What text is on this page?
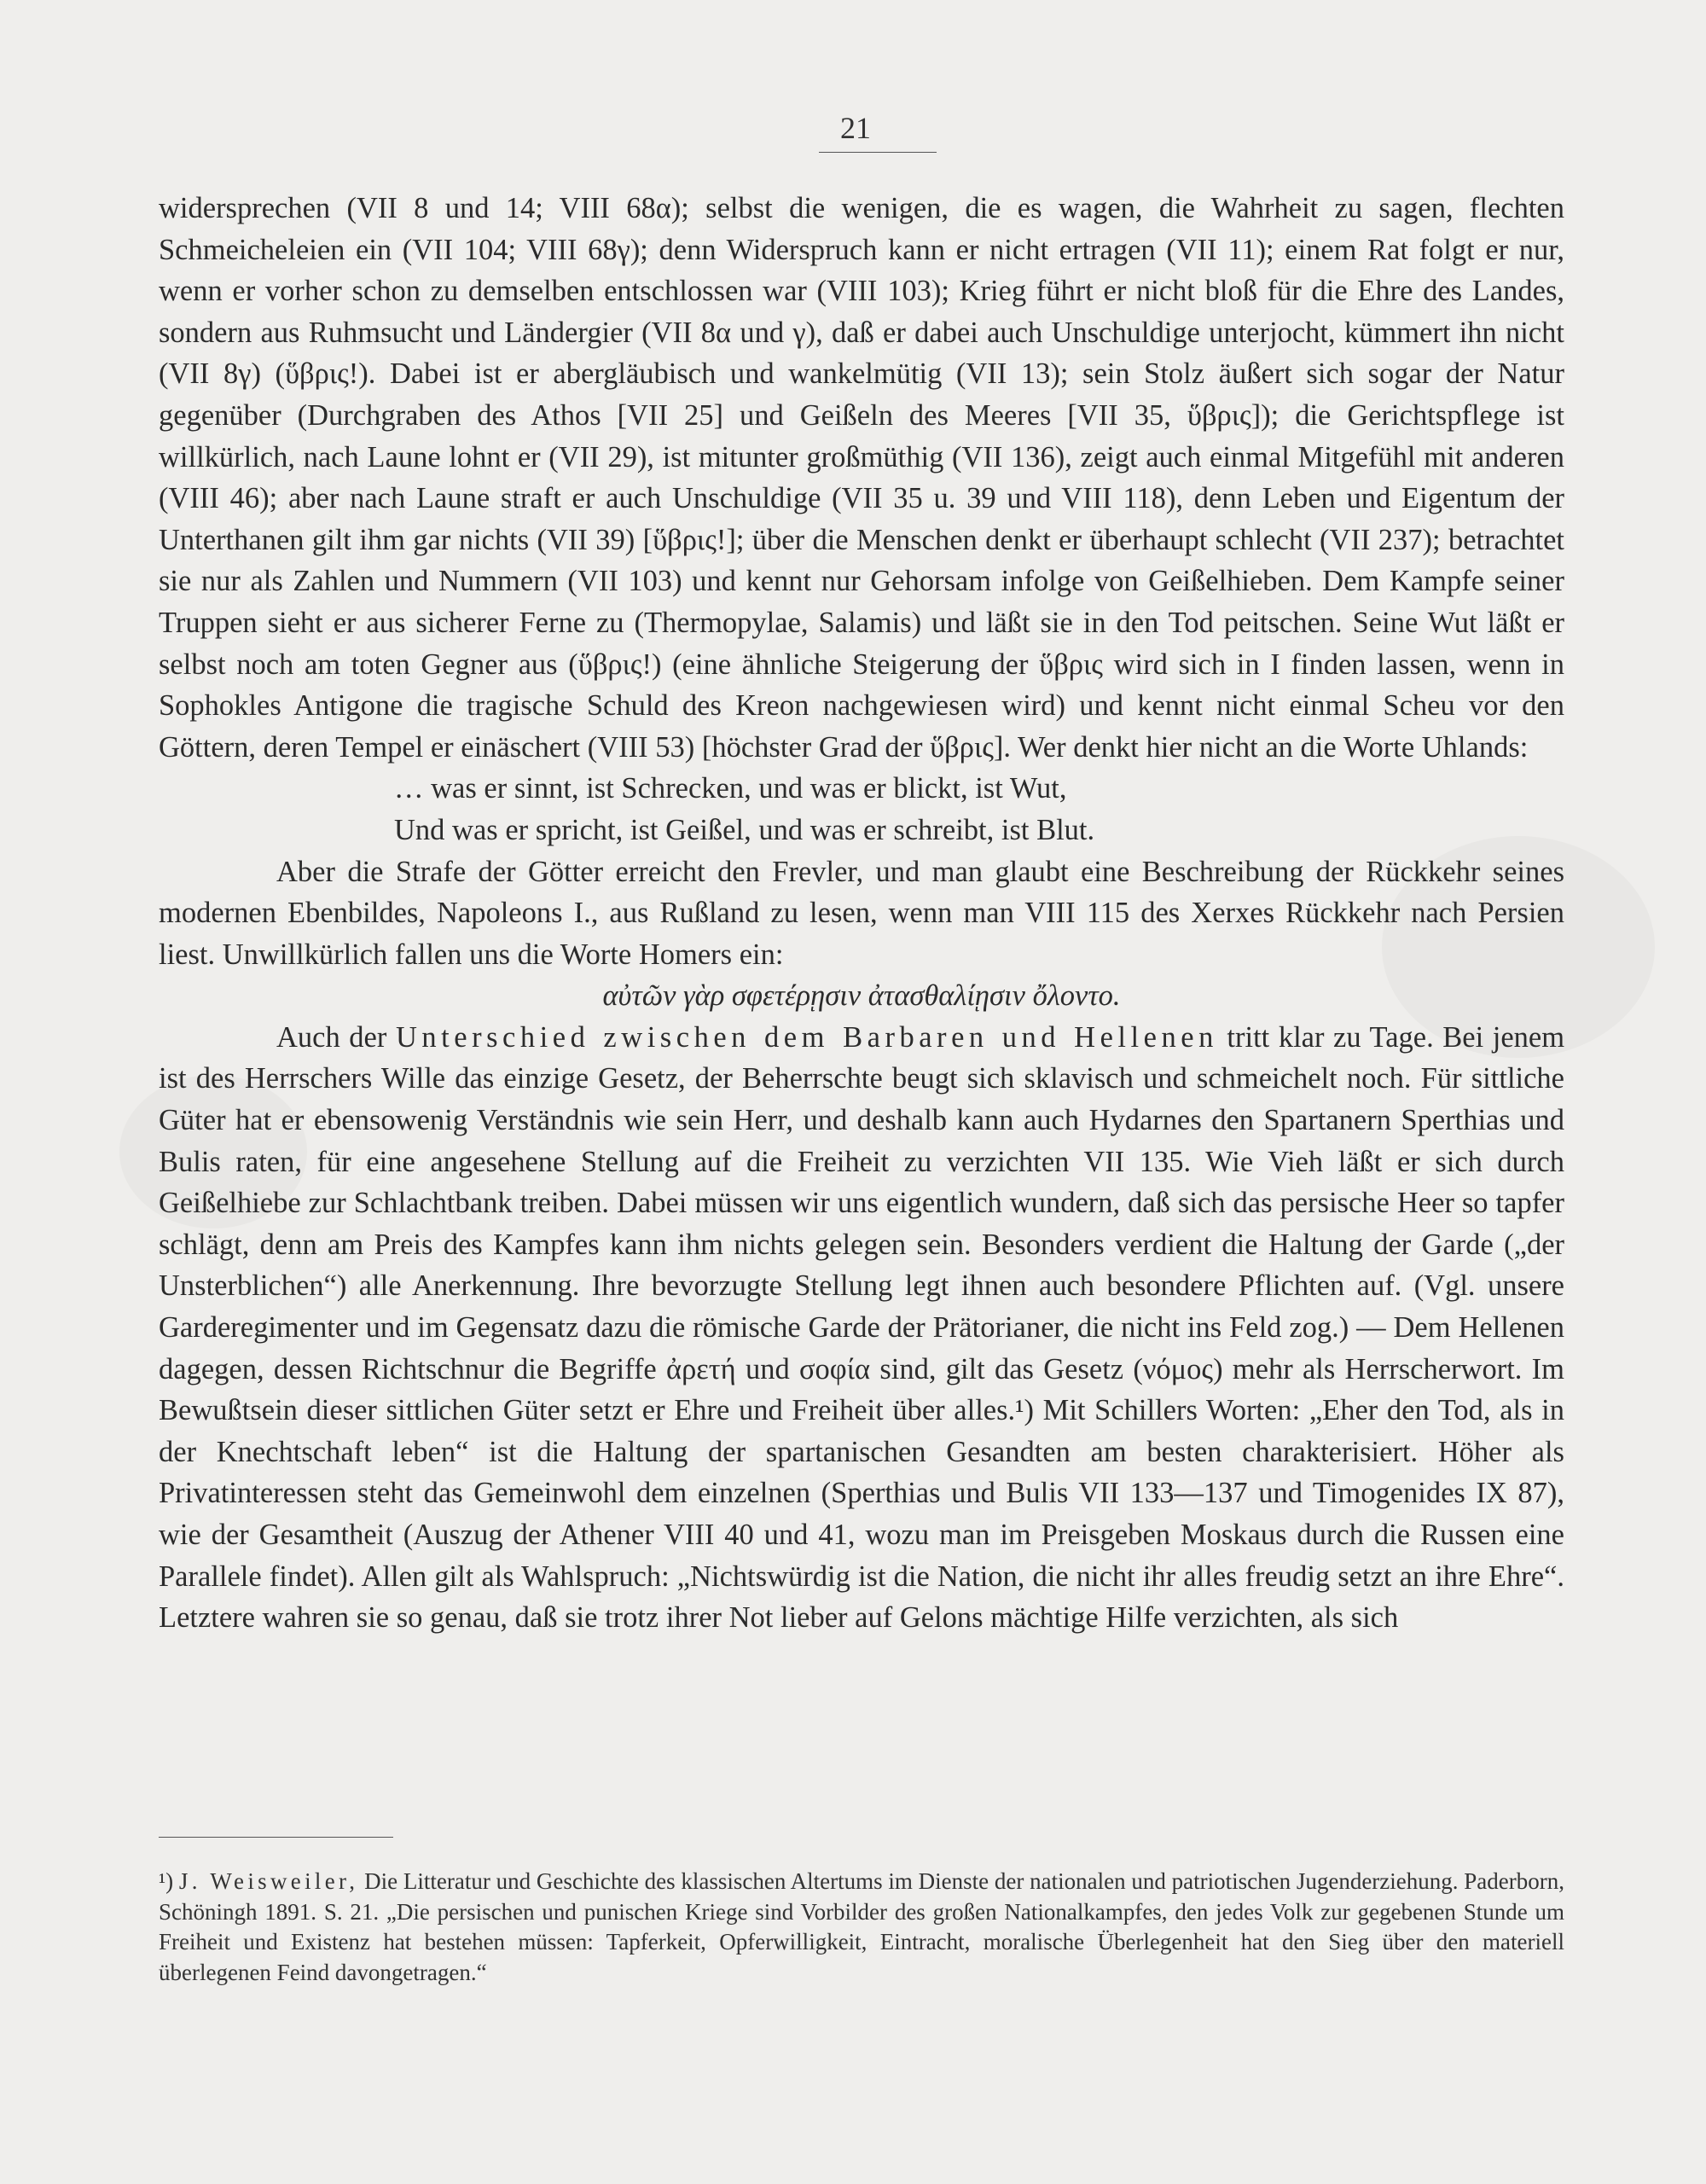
21

widersprechen (VII 8 und 14; VIII 68α); selbst die wenigen, die es wagen, die Wahrheit zu sagen, flechten Schmeicheleien ein (VII 104; VIII 68γ); denn Widerspruch kann er nicht ertragen (VII 11); einem Rat folgt er nur, wenn er vorher schon zu demselben entschlossen war (VIII 103); Krieg führt er nicht bloß für die Ehre des Landes, sondern aus Ruhmsucht und Ländergier (VII 8α und γ), daß er dabei auch Unschuldige unterjocht, kümmert ihn nicht (VII 8γ) (ὕβρις!). Dabei ist er abergläubisch und wankelmütig (VII 13); sein Stolz äußert sich sogar der Natur gegenüber (Durchgraben des Athos [VII 25] und Geißeln des Meeres [VII 35, ὕβρις]); die Gerichtspflege ist willkürlich, nach Laune lohnt er (VII 29), ist mitunter großmüthig (VII 136), zeigt auch einmal Mitgefühl mit anderen (VIII 46); aber nach Laune straft er auch Unschuldige (VII 35 u. 39 und VIII 118), denn Leben und Eigentum der Unterthanen gilt ihm gar nichts (VII 39) [ὕβρις!]; über die Menschen denkt er überhaupt schlecht (VII 237); betrachtet sie nur als Zahlen und Nummern (VII 103) und kennt nur Gehorsam infolge von Geißelhieben. Dem Kampfe seiner Truppen sieht er aus sicherer Ferne zu (Thermopylae, Salamis) und läßt sie in den Tod peitschen. Seine Wut läßt er selbst noch am toten Gegner aus (ὕβρις!) (eine ähnliche Steigerung der ὕβρις wird sich in I finden lassen, wenn in Sophokles Antigone die tragische Schuld des Kreon nachgewiesen wird) und kennt nicht einmal Scheu vor den Göttern, deren Tempel er einäschert (VIII 53) [höchster Grad der ὕβρις]. Wer denkt hier nicht an die Worte Uhlands:

… was er sinnt, ist Schrecken, und was er blickt, ist Wut,

Und was er spricht, ist Geißel, und was er schreibt, ist Blut.

Aber die Strafe der Götter erreicht den Frevler, und man glaubt eine Beschreibung der Rückkehr seines modernen Ebenbildes, Napoleons I., aus Rußland zu lesen, wenn man VIII 115 des Xerxes Rückkehr nach Persien liest. Unwillkürlich fallen uns die Worte Homers ein:

αὐτῶν γὰρ σφετέρῃσιν ἀτασθαλίῃσιν ὄλοντο.

Auch der Unterschied zwischen dem Barbaren und Hellenen tritt klar zu Tage. Bei jenem ist des Herrschers Wille das einzige Gesetz, der Beherrschte beugt sich sklavisch und schmeichelt noch. Für sittliche Güter hat er ebensowenig Verständnis wie sein Herr, und deshalb kann auch Hydarnes den Spartanern Sperthias und Bulis raten, für eine angesehene Stellung auf die Freiheit zu verzichten VII 135. Wie Vieh läßt er sich durch Geißelhiebe zur Schlachtbank treiben. Dabei müssen wir uns eigentlich wundern, daß sich das persische Heer so tapfer schlägt, denn am Preis des Kampfes kann ihm nichts gelegen sein. Besonders verdient die Haltung der Garde („der Unsterblichen“) alle Anerkennung. Ihre bevorzugte Stellung legt ihnen auch besondere Pflichten auf. (Vgl. unsere Garderegimenter und im Gegensatz dazu die römische Garde der Prätorianer, die nicht ins Feld zog.) — Dem Hellenen dagegen, dessen Richtschnur die Begriffe ἀρετή und σοφία sind, gilt das Gesetz (νόμος) mehr als Herrscherwort. Im Bewußtsein dieser sittlichen Güter setzt er Ehre und Freiheit über alles.¹) Mit Schillers Worten: „Eher den Tod, als in der Knechtschaft leben“ ist die Haltung der spartanischen Gesandten am besten charakterisiert. Höher als Privatinteressen steht das Gemeinwohl dem einzelnen (Sperthias und Bulis VII 133—137 und Timogenides IX 87), wie der Gesamtheit (Auszug der Athener VIII 40 und 41, wozu man im Preisgeben Moskaus durch die Russen eine Parallele findet). Allen gilt als Wahlspruch: „Nichtswürdig ist die Nation, die nicht ihr alles freudig setzt an ihre Ehre“. Letztere wahren sie so genau, daß sie trotz ihrer Not lieber auf Gelons mächtige Hilfe verzichten, als sich

¹) J. Weisweiler, Die Litteratur und Geschichte des klassischen Altertums im Dienste der nationalen und patriotischen Jugenderziehung. Paderborn, Schöningh 1891. S. 21. „Die persischen und punischen Kriege sind Vorbilder des großen Nationalkampfes, den jedes Volk zur gegebenen Stunde um Freiheit und Existenz hat bestehen müssen: Tapferkeit, Opferwilligkeit, Eintracht, moralische Überlegenheit hat den Sieg über den materiell überlegenen Feind davongetragen.“
